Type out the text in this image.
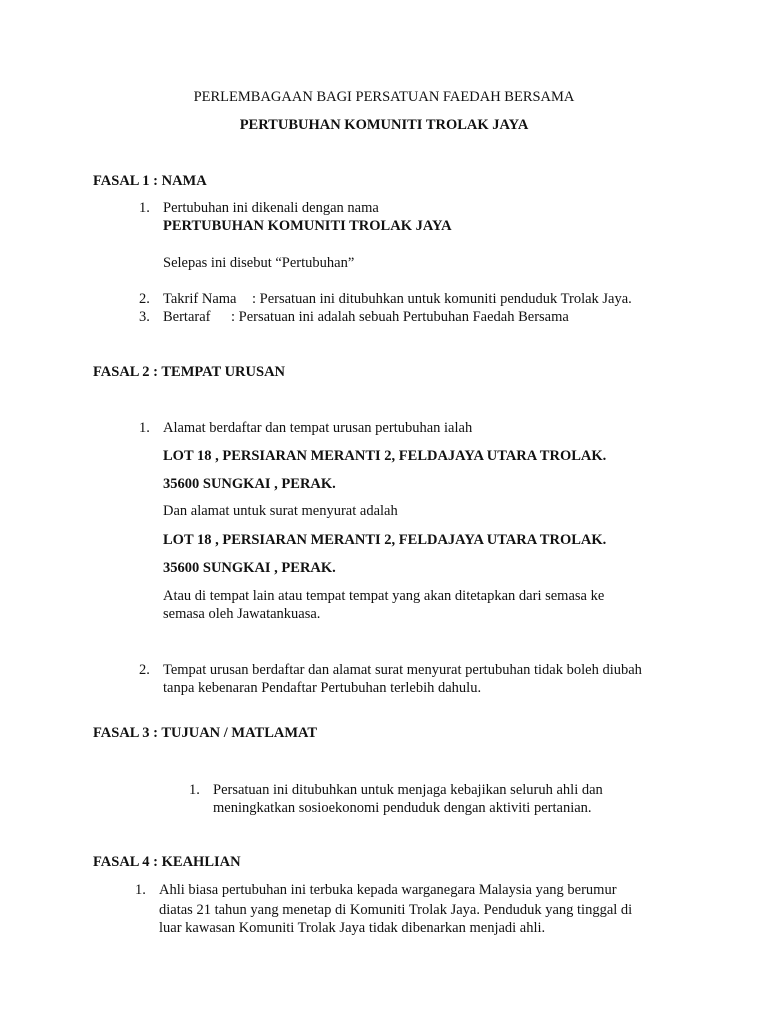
PERLEMBAGAAN BAGI PERSATUAN FAEDAH BERSAMA
PERTUBUHAN KOMUNITI TROLAK JAYA
FASAL 1 : NAMA
1. Pertubuhan ini dikenali dengan nama
PERTUBUHAN KOMUNITI TROLAK JAYA
Selepas ini disebut “Pertubuhan”
2. Takrif Nama : Persatuan ini ditubuhkan untuk komuniti penduduk Trolak Jaya.
3. Bertaraf : Persatuan ini adalah sebuah Pertubuhan Faedah Bersama
FASAL 2 : TEMPAT URUSAN
1. Alamat berdaftar dan tempat urusan pertubuhan ialah
LOT 18 , PERSIARAN MERANTI 2, FELDAJAYA UTARA TROLAK.
35600 SUNGKAI , PERAK.
Dan alamat untuk surat menyurat adalah
LOT 18 , PERSIARAN MERANTI 2, FELDAJAYA UTARA TROLAK.
35600 SUNGKAI , PERAK.
Atau di tempat lain atau tempat tempat yang akan ditetapkan dari semasa ke
semasa oleh Jawatankuasa.
2. Tempat urusan berdaftar dan alamat surat menyurat pertubuhan tidak boleh diubah
tanpa kebenaran Pendaftar Pertubuhan terlebih dahulu.
FASAL 3 : TUJUAN / MATLAMAT
1. Persatuan ini ditubuhkan untuk menjaga kebajikan seluruh ahli dan
meningkatkan sosioekonomi penduduk dengan aktiviti pertanian.
FASAL 4 : KEAHLIAN
1. Ahli biasa pertubuhan ini terbuka kepada warganegara Malaysia yang berumur
diatas 21 tahun yang menetap di Komuniti Trolak Jaya. Penduduk yang tinggal di
luar kawasan Komuniti Trolak Jaya tidak dibenarkan menjadi ahli.
